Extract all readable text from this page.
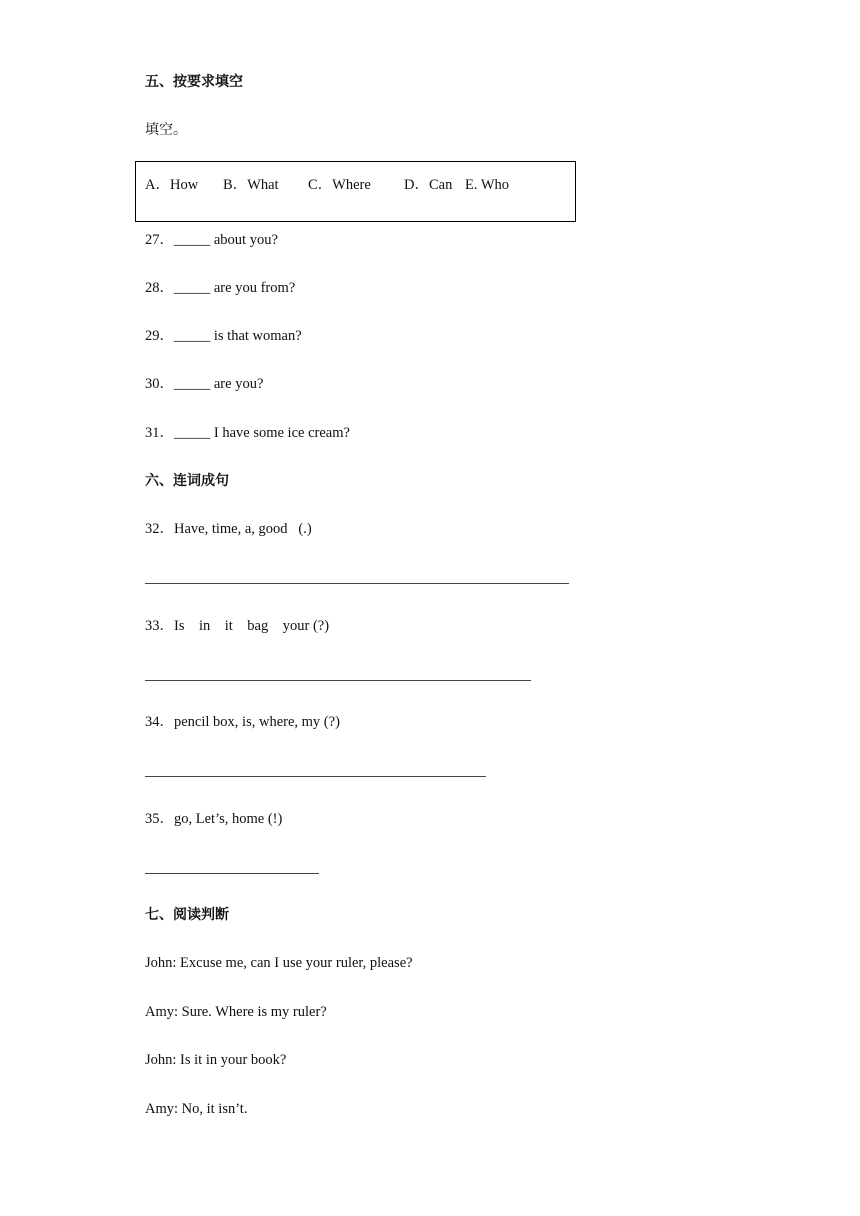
五、按要求填空
填空。
A．How B．What C．Where D．Can E. Who
27．_____ about you?
28．_____ are you from?
29．_____ is that woman?
30．_____ are you?
31．_____ I have some ice cream?
六、连词成句
32．Have, time, a, good   (.)
33．Is    in    it    bag    your (?)
34．pencil box, is, where, my (?)
35．go, Let’s, home (!)
七、阅读判断
John: Excuse me, can I use your ruler, please?
Amy: Sure. Where is my ruler?
John: Is it in your book?
Amy: No, it isn’t.
